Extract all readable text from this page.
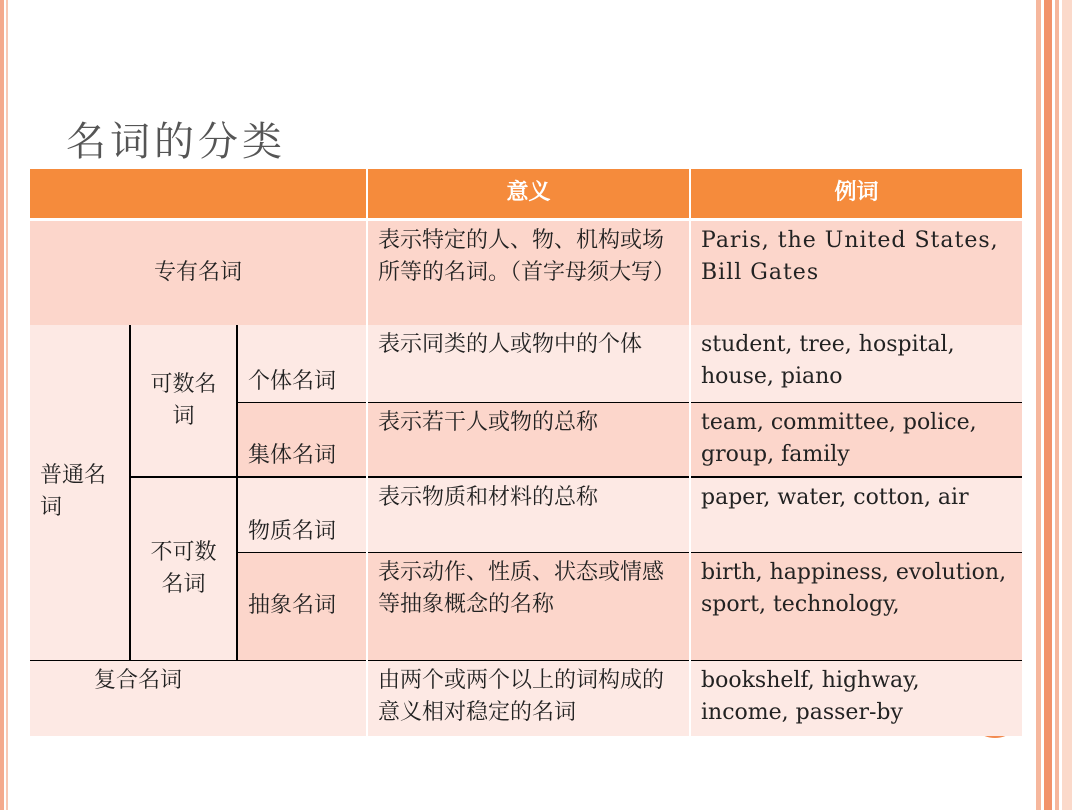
名词的分类
			意义	例词
专有名词			表示特定的人、物、机构或场所等的名词。（首字母须大写）	Paris, the United States, Bill Gates
普通名词	可数名词	个体名词	表示同类的人或物中的个体	student, tree, hospital, house, piano
		集体名词	表示若干人或物的总称	team, committee, police, group, family
	不可数名词	物质名词	表示物质和材料的总称	paper, water, cotton, air
		抽象名词	表示动作、性质、状态或情感等抽象概念的名称	birth, happiness, evolution, sport, technology,
复合名词			由两个或两个以上的词构成的意义相对稳定的名词	bookshelf, highway, income, passer-by
